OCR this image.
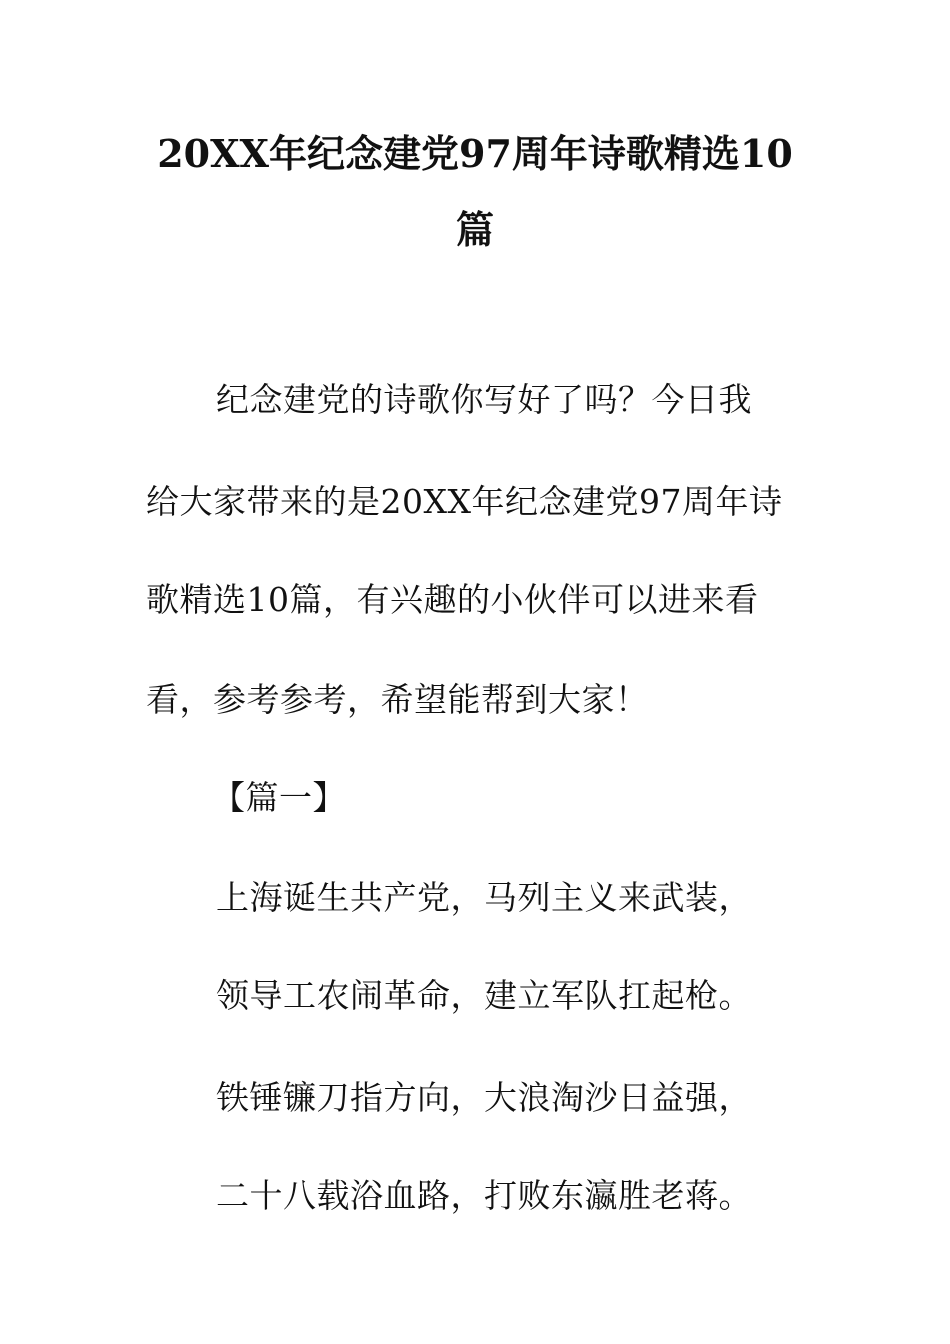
20XX年纪念建党97周年诗歌精选10
篇
纪念建党的诗歌你写好了吗？今日我
给大家带来的是20XX年纪念建党97周年诗
歌精选10篇，有兴趣的小伙伴可以进来看
看，参考参考，希望能帮到大家！
【篇一】
上海诞生共产党，马列主义来武装，
领导工农闹革命，建立军队扛起枪。
铁锤镰刀指方向，大浪淘沙日益强，
二十八载浴血路，打败东瀛胜老蒋。
